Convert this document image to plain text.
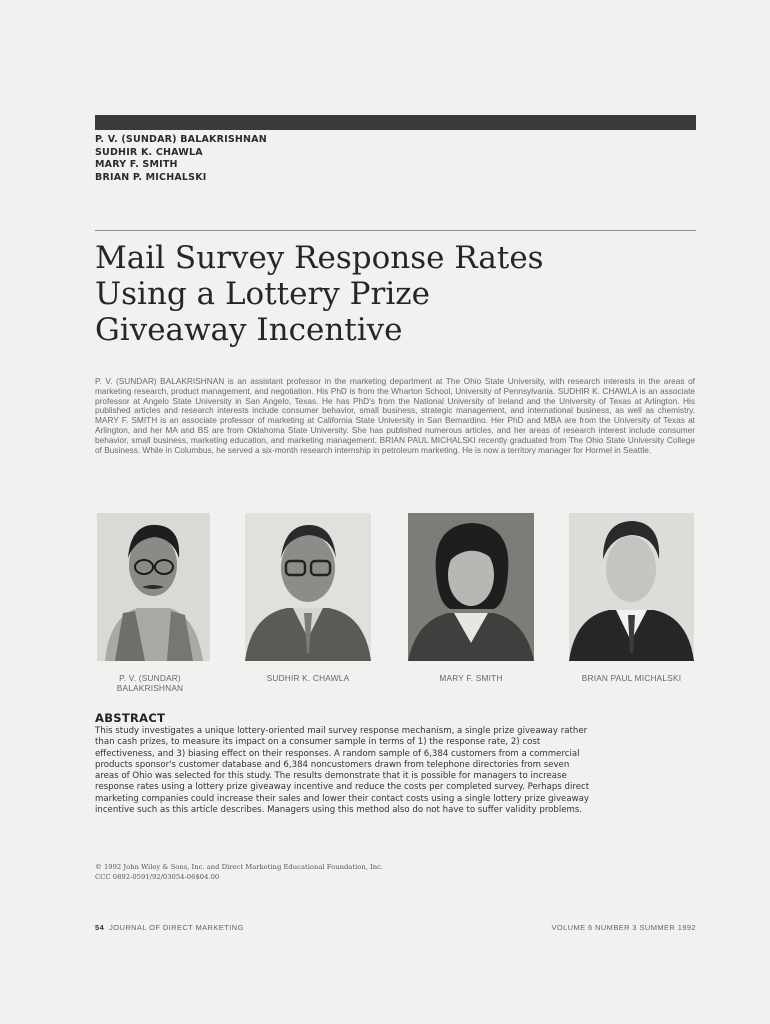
P. V. (SUNDAR) BALAKRISHNAN
SUDHIR K. CHAWLA
MARY F. SMITH
BRIAN P. MICHALSKI
Mail Survey Response Rates
Using a Lottery Prize
Giveaway Incentive
P. V. (SUNDAR) BALAKRISHNAN is an assistant professor in the marketing department at The Ohio State University, with research interests in the areas of marketing research, product management, and negotiation. His PhD is from the Wharton School, University of Pennsylvania. SUDHIR K. CHAWLA is an associate professor at Angelo State University in San Angelo, Texas. He has PhD's from the National University of Ireland and the University of Texas at Arlington. His published articles and research interests include consumer behavior, small business, strategic management, and international business, as well as chemistry. MARY F. SMITH is an associate professor of marketing at California State University in San Bernardino. Her PhD and MBA are from the University of Texas at Arlington, and her MA and BS are from Oklahoma State University. She has published numerous articles, and her areas of research interest include consumer behavior, small business, marketing education, and marketing management. BRIAN PAUL MICHALSKI recently graduated from The Ohio State University College of Business. While in Columbus, he served a six-month research internship in petroleum marketing. He is now a territory manager for Hormel in Seattle.
P. V. (SUNDAR) BALAKRISHNAN
SUDHIR K. CHAWLA	MARY F. SMITH	BRIAN PAUL MICHALSKI
ABSTRACT

This study investigates a unique lottery-oriented mail survey response mechanism, a single prize giveaway rather than cash prizes, to measure its impact on a consumer sample in terms of 1) the response rate, 2) cost effectiveness, and 3) biasing effect on their responses. A random sample of 6,384 customers from a commercial products sponsor's customer database and 6,384 noncustomers drawn from telephone directories from seven areas of Ohio was selected for this study. The results demonstrate that it is possible for managers to increase response rates using a lottery prize giveaway incentive and reduce the costs per completed survey. Perhaps direct marketing companies could increase their sales and lower their contact costs using a single lottery prize giveaway incentive such as this article describes. Managers using this method also do not have to suffer validity problems.

© 1992 John Wiley & Sons, Inc. and Direct Marketing Educational Foundation, Inc.
CCC 0892-0591/92/03054-06$04.00
54 JOURNAL OF DIRECT MARKETING	VOLUME 6 NUMBER 3 SUMMER 1992
